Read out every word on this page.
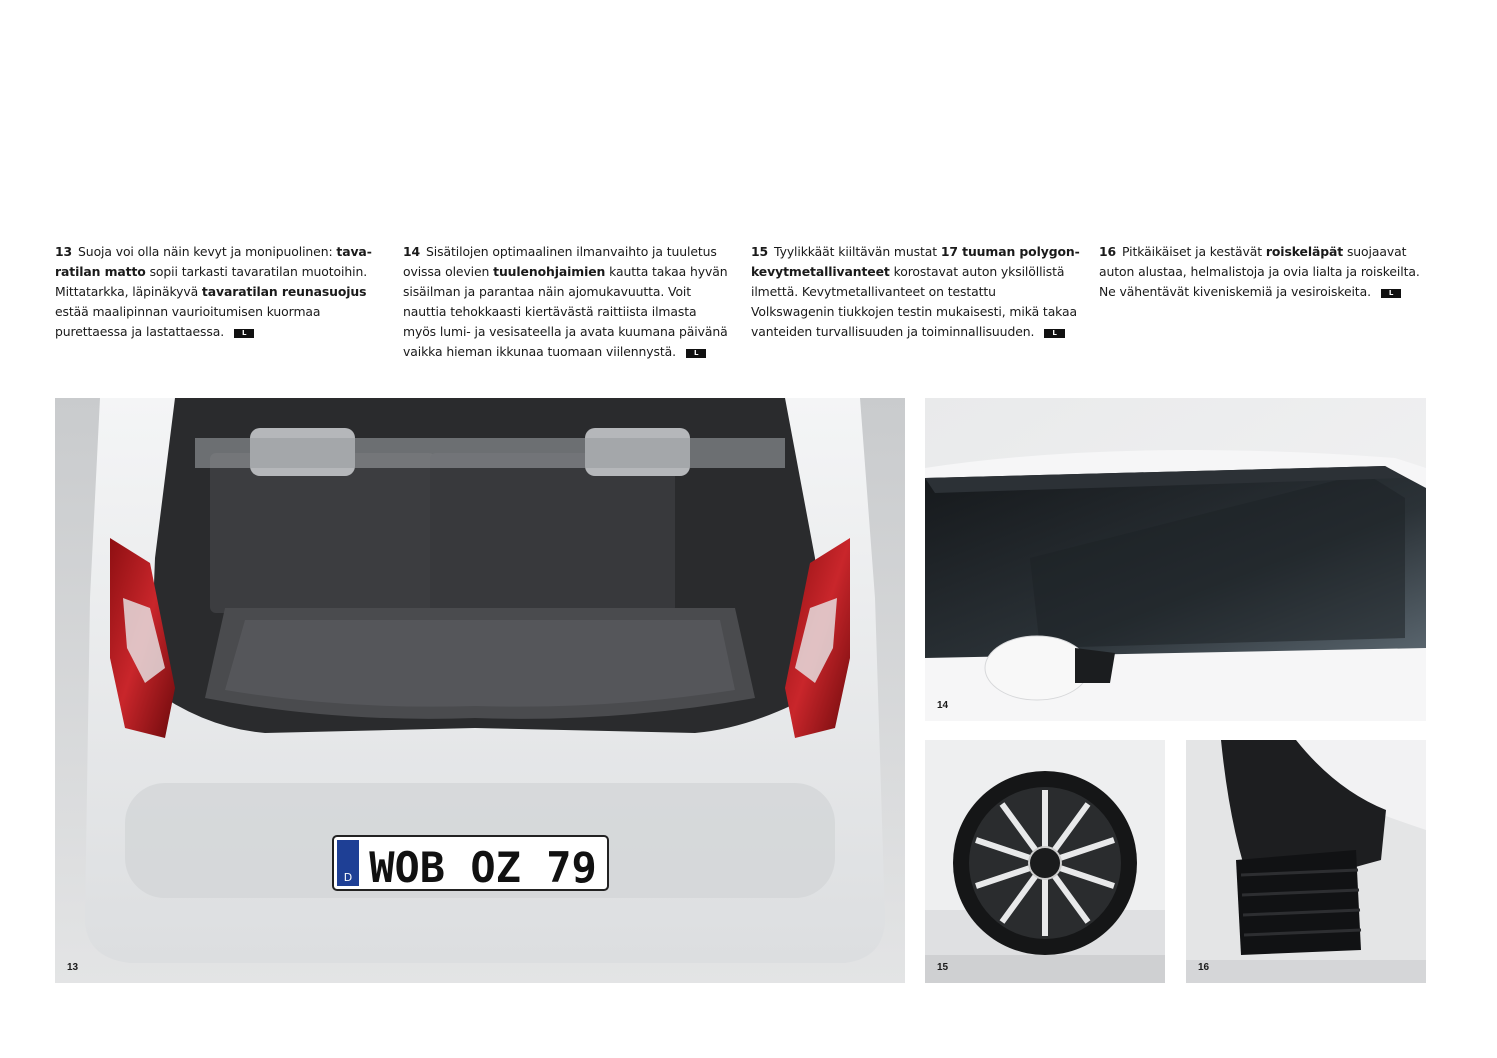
13 Suoja voi olla näin kevyt ja monipuolinen: tava-ratilan matto sopii tarkasti tavaratilan muotoihin. Mittatarkka, läpinäkyvä tavaratilan reunasuojus estää maalipinnan vaurioitumisen kuormaa purettaessa ja lastattaessa.	L
14 Sisätilojen optimaalinen ilmanvaihto ja tuuletus ovissa olevien tuulenohjaimien kautta takaa hyvän sisäilman ja parantaa näin ajomukavuutta. Voit nauttia tehokkaasti kiertävästä raittiista ilmasta myös lumi- ja vesisateella ja avata kuumana päivänä vaikka hieman ikkunaa tuomaan viilennystä.	L
15 Tyylikkäät kiiltävän mustat 17 tuuman polygon-kevytmetallivanteet korostavat auton yksilöllistä ilmettä. Kevytmetallivanteet on testattu Volkswagenin tiukkojen testin mukaisesti, mikä takaa vanteiden turvallisuuden ja toiminnallisuuden.	L
16 Pitkäikäiset ja kestävät roiskeläpät suojaavat auton alustaa, helmalistoja ja ovia lialta ja roiskeilta. Ne vähentävät kiveniskemiä ja vesiroiskeita.	L
D WOB OZ 79
13
14
15	16
